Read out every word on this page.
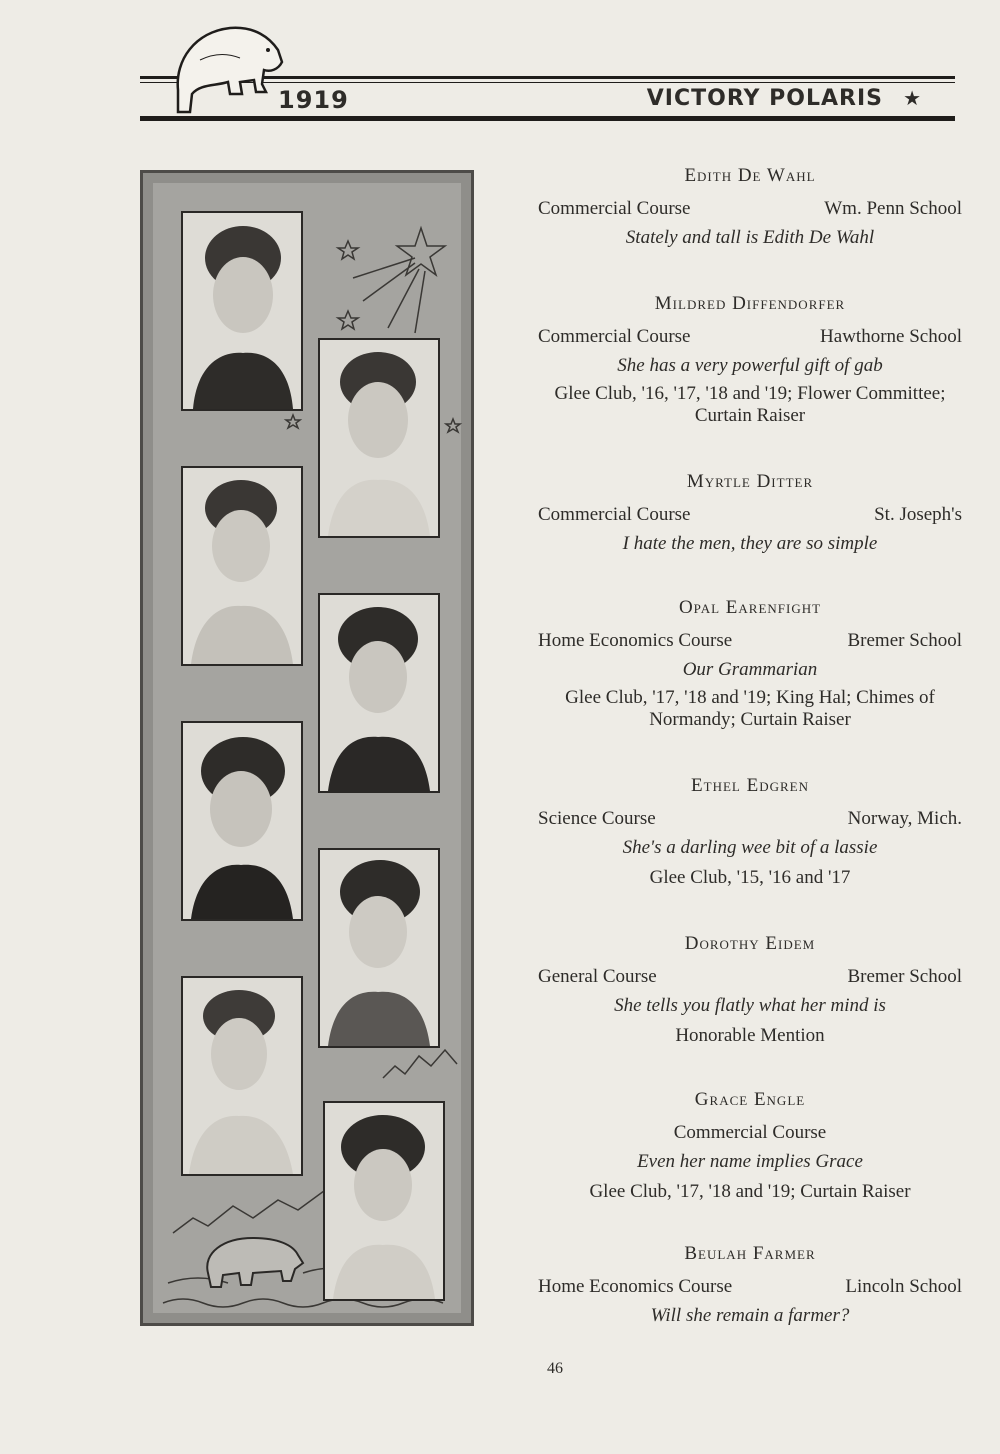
1919	VICTORY POLARIS ★
Edith De Wahl
Commercial Course	Wm. Penn School
Stately and tall is Edith De Wahl
Mildred Diffendorfer
Commercial Course	Hawthorne School
She has a very powerful gift of gab
Glee Club, '16, '17, '18 and '19; Flower Committee; Curtain Raiser
Myrtle Ditter
Commercial Course	St. Joseph's
I hate the men, they are so simple
Opal Earenfight
Home Economics Course	Bremer School
Our Grammarian
Glee Club, '17, '18 and '19; King Hal; Chimes of Normandy; Curtain Raiser
Ethel Edgren
Science Course	Norway, Mich.
She's a darling wee bit of a lassie
Glee Club, '15, '16 and '17
Dorothy Eidem
General Course	Bremer School
She tells you flatly what her mind is
Honorable Mention
Grace Engle
Commercial Course
Even her name implies Grace
Glee Club, '17, '18 and '19; Curtain Raiser
Beulah Farmer
Home Economics Course	Lincoln School
Will she remain a farmer?
46
